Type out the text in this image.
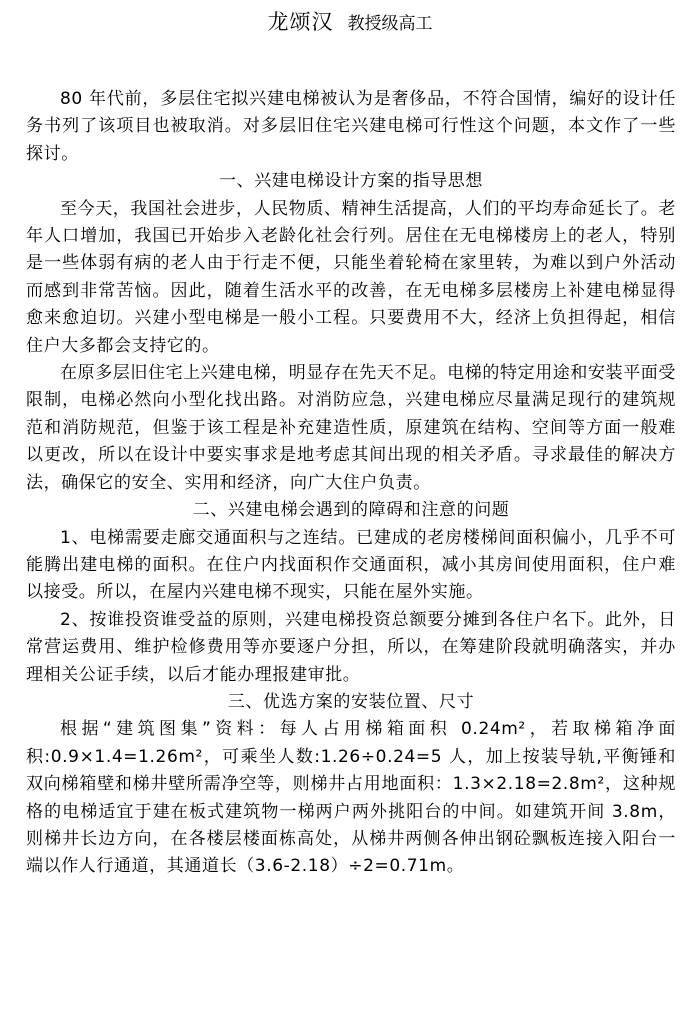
龙颂汉 教授级高工

80 年代前，多层住宅拟兴建电梯被认为是奢侈品，不符合国情，编好的设计任务书列了该项目也被取消。对多层旧住宅兴建电梯可行性这个问题，本文作了一些探讨。

一、兴建电梯设计方案的指导思想

至今天，我国社会进步，人民物质、精神生活提高，人们的平均寿命延长了。老年人口增加，我国已开始步入老龄化社会行列。居住在无电梯楼房上的老人，特别是一些体弱有病的老人由于行走不便，只能坐着轮椅在家里转，为难以到户外活动而感到非常苦恼。因此，随着生活水平的改善，在无电梯多层楼房上补建电梯显得愈来愈迫切。兴建小型电梯是一般小工程。只要费用不大，经济上负担得起，相信住户大多都会支持它的。

在原多层旧住宅上兴建电梯，明显存在先天不足。电梯的特定用途和安装平面受限制，电梯必然向小型化找出路。对消防应急，兴建电梯应尽量满足现行的建筑规范和消防规范，但鉴于该工程是补充建造性质，原建筑在结构、空间等方面一般难以更改，所以在设计中要实事求是地考虑其间出现的相关矛盾。寻求最佳的解决方法，确保它的安全、实用和经济，向广大住户负责。

二、兴建电梯会遇到的障碍和注意的问题

1、电梯需要走廊交通面积与之连结。已建成的老房楼梯间面积偏小，几乎不可能腾出建电梯的面积。在住户内找面积作交通面积，减小其房间使用面积，住户难以接受。所以，在屋内兴建电梯不现实，只能在屋外实施。

2、按谁投资谁受益的原则，兴建电梯投资总额要分摊到各住户名下。此外，日常营运费用、维护检修费用等亦要逐户分担，所以，在筹建阶段就明确落实，并办理相关公证手续，以后才能办理报建审批。

三、优选方案的安装位置、尺寸

根据“建筑图集”资料：每人占用梯箱面积 0.24m²，若取梯箱净面积:0.9×1.4=1.26m²，可乘坐人数:1.26÷0.24=5 人，加上按装导轨,平衡锤和双向梯箱壁和梯井壁所需净空等，则梯井占用地面积：1.3×2.18=2.8m²，这种规格的电梯适宜于建在板式建筑物一梯两户两外挑阳台的中间。如建筑开间 3.8m，则梯井长边方向，在各楼层楼面栋高处，从梯井两侧各伸出钢砼飘板连接入阳台一端以作人行通道，其通道长（3.6-2.18）÷2=0.71m。
